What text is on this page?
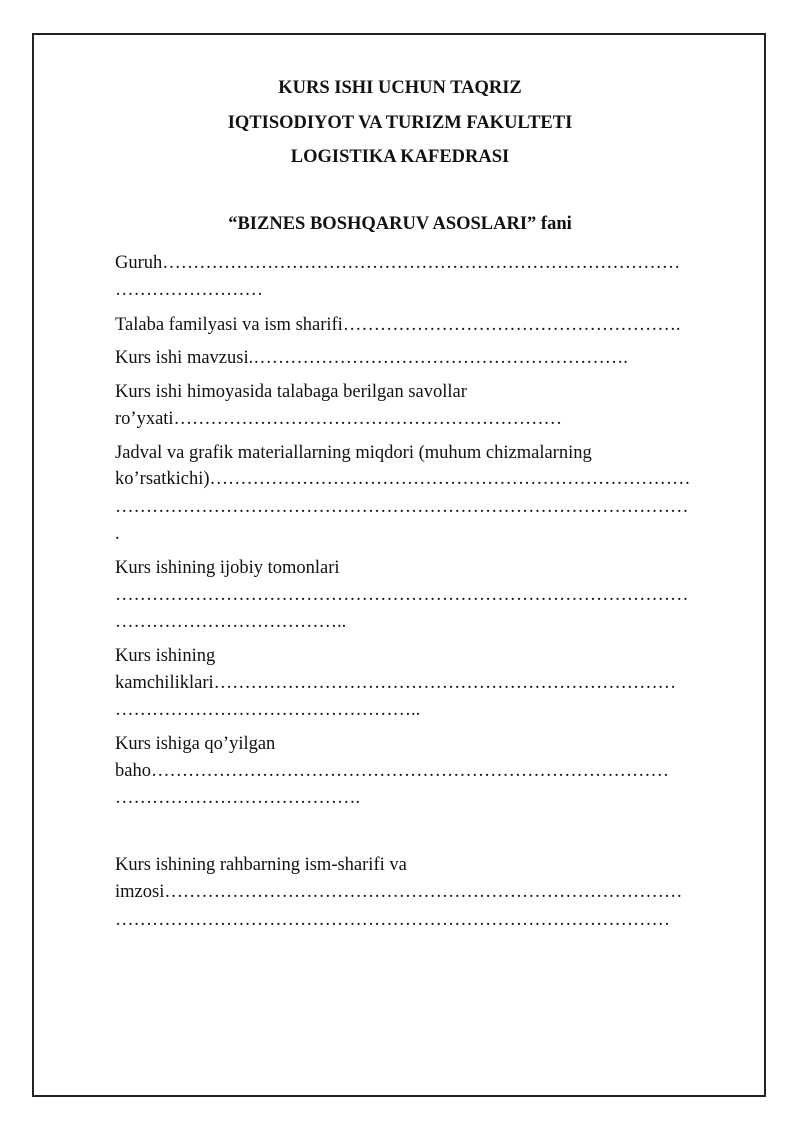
KURS ISHI UCHUN TAQRIZ
IQTISODIYOT VA TURIZM FAKULTETI
LOGISTIKA KAFEDRASI
“BIZNES BOSHQARUV ASOSLARI” fani
Guruh…………………………………………………………………………
……………………
Talaba familyasi va ism sharifi……………………………………………….
Kurs ishi mavzusi.…………………………………………………….
Kurs ishi himoyasida talabaga berilgan savollar
ro’yxati………………………………………………………
Jadval va grafik materiallarning miqdori (muhum chizmalarning
ko’rsatkichi)……………………………………………………………………
…………………………………………………………………………………
.
Kurs ishining ijobiy tomonlari
…………………………………………………………………………………
………………………………..
Kurs ishining
kamchiliklari…………………………………………………………………
…………………………………………..
Kurs ishiga qo’yilgan
baho…………………………………………………………………………
………………………………….
Kurs ishining rahbarning ism-sharifi va
imzosi…………………………………………………………………………
………………………………………………………………………………
